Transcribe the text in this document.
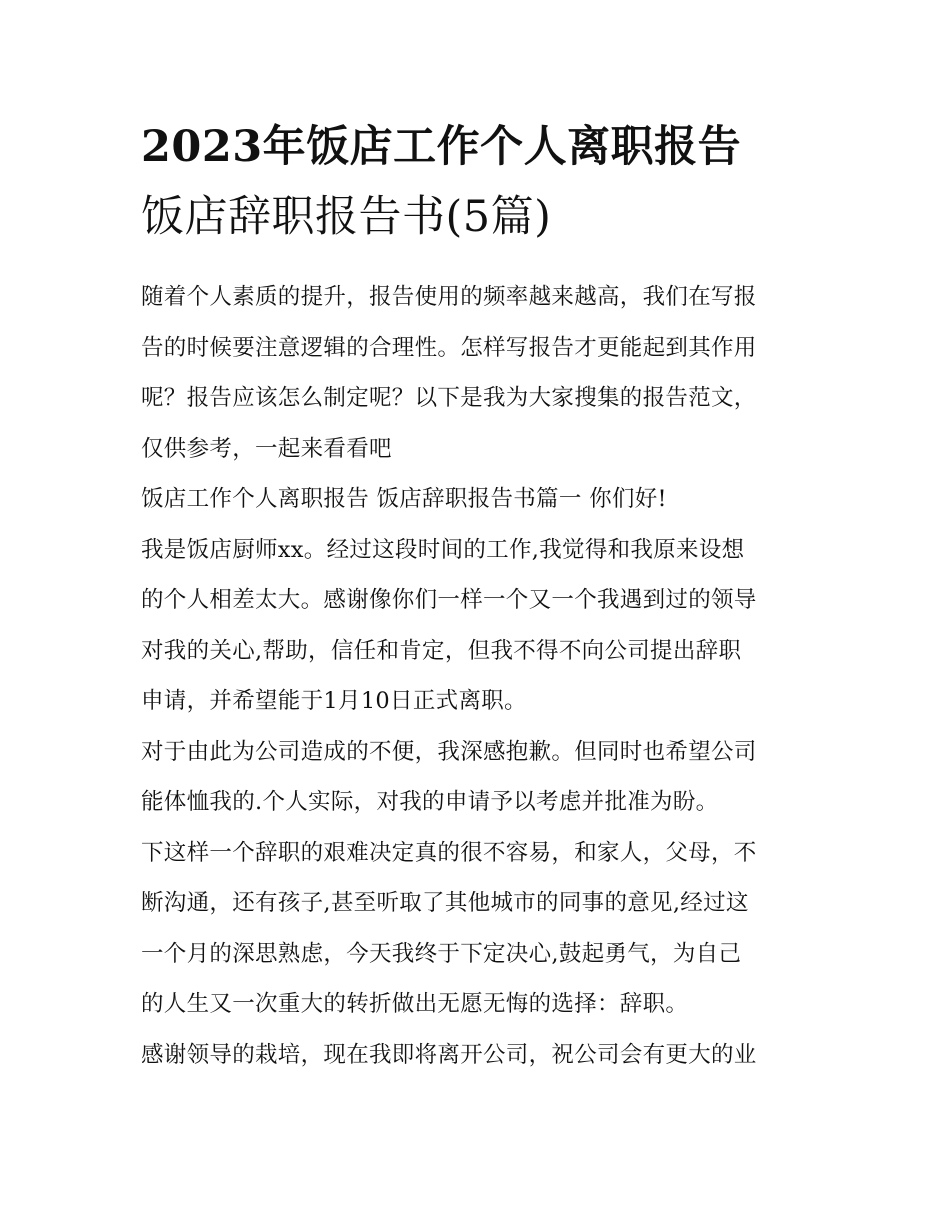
2023年饭店工作个人离职报告
饭店辞职报告书(5篇)

随着个人素质的提升，报告使用的频率越来越高，我们在写报
告的时候要注意逻辑的合理性。怎样写报告才更能起到其作用
呢？报告应该怎么制定呢？以下是我为大家搜集的报告范文，
仅供参考，一起来看看吧

饭店工作个人离职报告 饭店辞职报告书篇一 你们好!

我是饭店厨师xx。经过这段时间的工作,我觉得和我原来设想
的个人相差太大。感谢像你们一样一个又一个我遇到过的领导
对我的关心,帮助，信任和肯定，但我不得不向公司提出辞职
申请，并希望能于1月10日正式离职。

对于由此为公司造成的不便，我深感抱歉。但同时也希望公司
能体恤我的.个人实际，对我的申请予以考虑并批准为盼。

下这样一个辞职的艰难决定真的很不容易，和家人，父母，不
断沟通，还有孩子,甚至听取了其他城市的同事的意见,经过这
一个月的深思熟虑，今天我终于下定决心,鼓起勇气，为自己
的人生又一次重大的转折做出无愿无悔的选择：辞职。

感谢领导的栽培，现在我即将离开公司，祝公司会有更大的业
